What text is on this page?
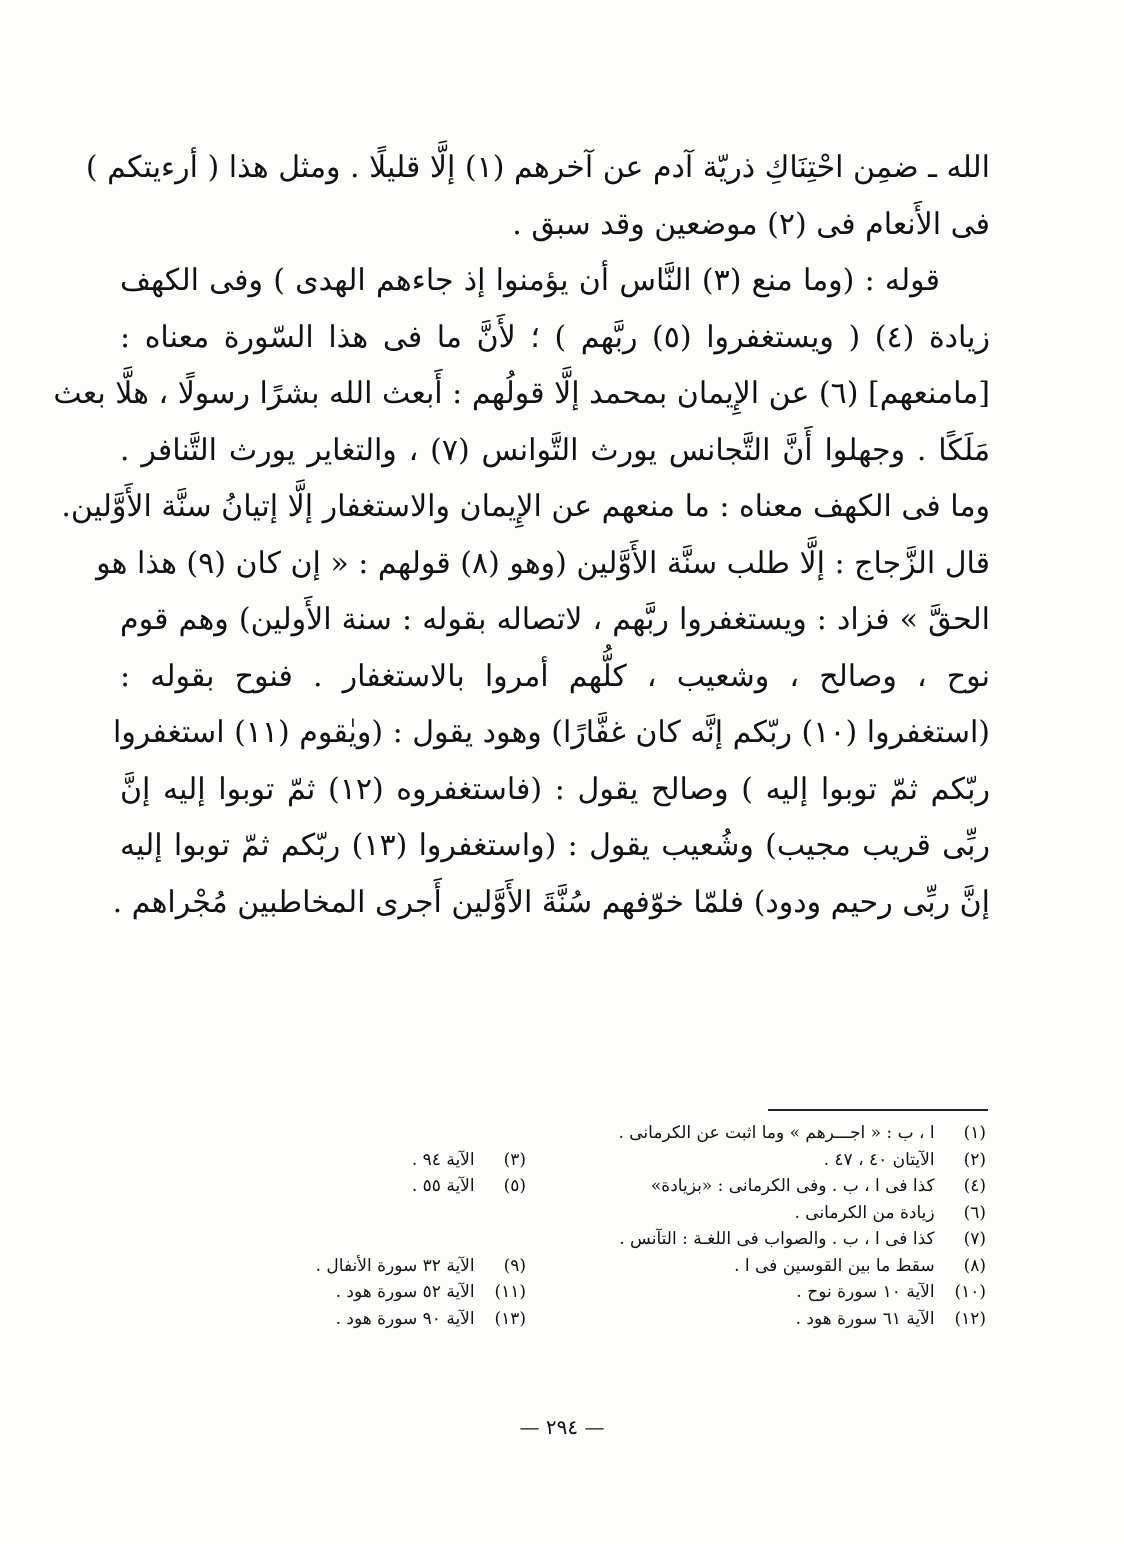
الله ـ ضمِن احْتِنَاكِ ذريّة آدم عن آخرهم (١) إلَّا قليلًا . ومثل هذا ( أرءيتكم )
فى الأَنعام فى (٢) موضعين وقد سبق .
قوله : (وما منع (٣) النَّاس أن يؤمنوا إذ جاءهم الهدى ) وفى الكهف
زيادة (٤) ( ويستغفروا (٥) ربَّهم ) ؛ لأَنَّ ما فى هذا السّورة معناه :
[مامنعهم] (٦) عن الإِيمان بمحمد إلَّا قولُهم : أَبعث الله بشرًا رسولًا ، هلَّا بعث
مَلَكًا . وجهلوا أَنَّ التَّجانس يورث التَّوانس (٧) ، والتغاير يورث التَّنافر .
وما فى الكهف معناه : ما منعهم عن الإِيمان والاستغفار إلَّا إتيانُ سنَّة الأَوَّلين.
قال الزَّجاج : إلَّا طلب سنَّة الأَوَّلين (وهو (٨) قولهم : « إن كان (٩) هذا هو
الحقَّ » فزاد : ويستغفروا ربَّهم ، لاتصاله بقوله : سنة الأَولين) وهم قوم
نوح ، وصالح ، وشعيب ، كلُّهم أمروا بالاستغفار . فنوح بقوله :
(استغفروا (١٠) ربّكم إنَّه كان غفَّارًا) وهود يقول : (ويٰقوم (١١) استغفروا
ربّكم ثمّ توبوا إليه ) وصالح يقول : (فاستغفروه (١٢) ثمّ توبوا إليه إنَّ
ربِّى قريب مجيب) وشُعيب يقول : (واستغفروا (١٣) ربّكم ثمّ توبوا إليه
إنَّ ربِّى رحيم ودود) فلمّا خوّفهم سُنَّةَ الأَوَّلين أَجرى المخاطبين مُجْراهم .
(١) ا ، ب : « اجـــرهم » وما اثبت عن الكرمانى .
(٢) الآيتان ٤٠ ، ٤٧ .
(٣) الآية ٩٤ .
(٤) كذا فى ا ، ب . وفى الكرمانى : «بزيادة»
(٥) الآية ٥٥ .
(٦) زيادة من الكرمانى .
(٧) كذا فى ا ، ب . والصواب فى اللغـة : التآنس .
(٨) سقط ما بين القوسين فى ا .
(٩) الآية ٣٢ سورة الأنفال .
(١٠) الآية ١٠ سورة نوح .
(١١) الآية ٥٢ سورة هود .
(١٢) الآية ٦١ سورة هود .
(١٣) الآية ٩٠ سورة هود .
— ٢٩٤ —
